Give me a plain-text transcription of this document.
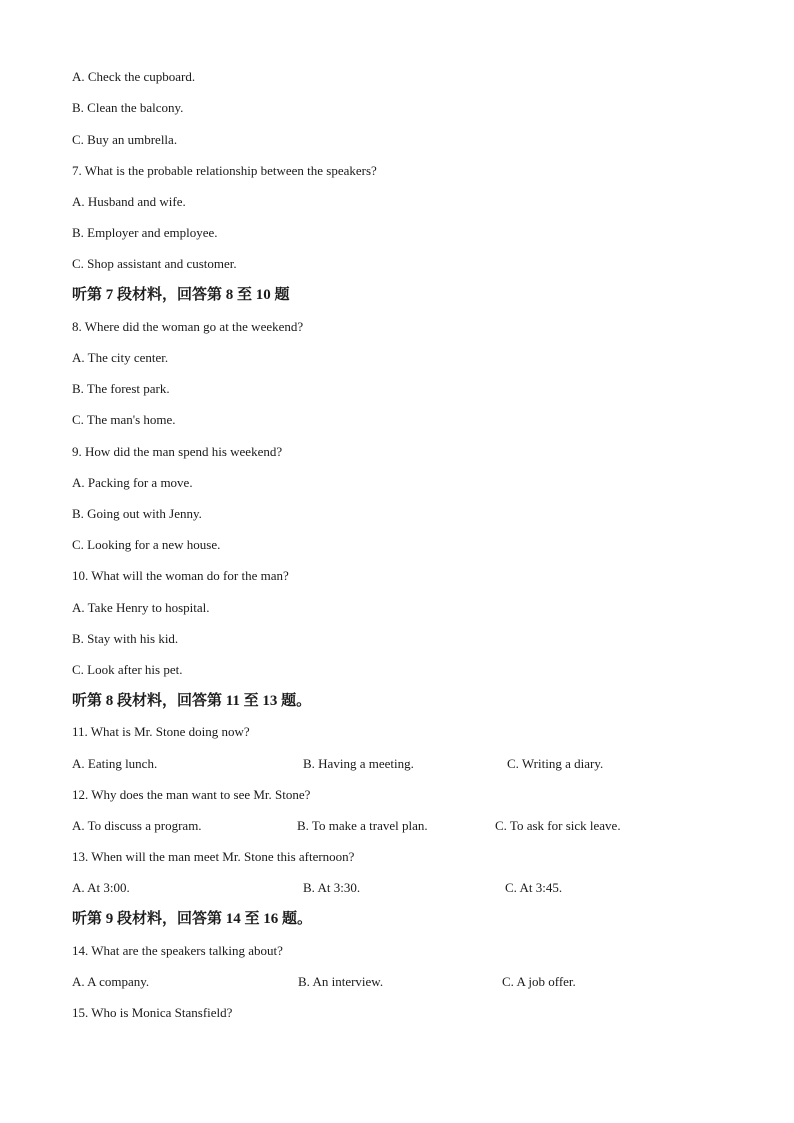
A. Check the cupboard.
B. Clean the balcony.
C. Buy an umbrella.
7. What is the probable relationship between the speakers?
A. Husband and wife.
B. Employer and employee.
C. Shop assistant and customer.
听第 7 段材料，回答第 8 至 10 题
8. Where did the woman go at the weekend?
A. The city center.
B. The forest park.
C. The man's home.
9. How did the man spend his weekend?
A. Packing for a move.
B. Going out with Jenny.
C. Looking for a new house.
10. What will the woman do for the man?
A. Take Henry to hospital.
B. Stay with his kid.
C. Look after his pet.
听第 8 段材料，回答第 11 至 13 题。
11. What is Mr. Stone doing now?
A. Eating lunch.	B. Having a meeting.	C. Writing a diary.
12. Why does the man want to see Mr. Stone?
A. To discuss a program.	B. To make a travel plan.	C. To ask for sick leave.
13. When will the man meet Mr. Stone this afternoon?
A. At 3:00.	B. At 3:30.	C. At 3:45.
听第 9 段材料，回答第 14 至 16 题。
14. What are the speakers talking about?
A. A company.	B. An interview.	C. A job offer.
15. Who is Monica Stansfield?
